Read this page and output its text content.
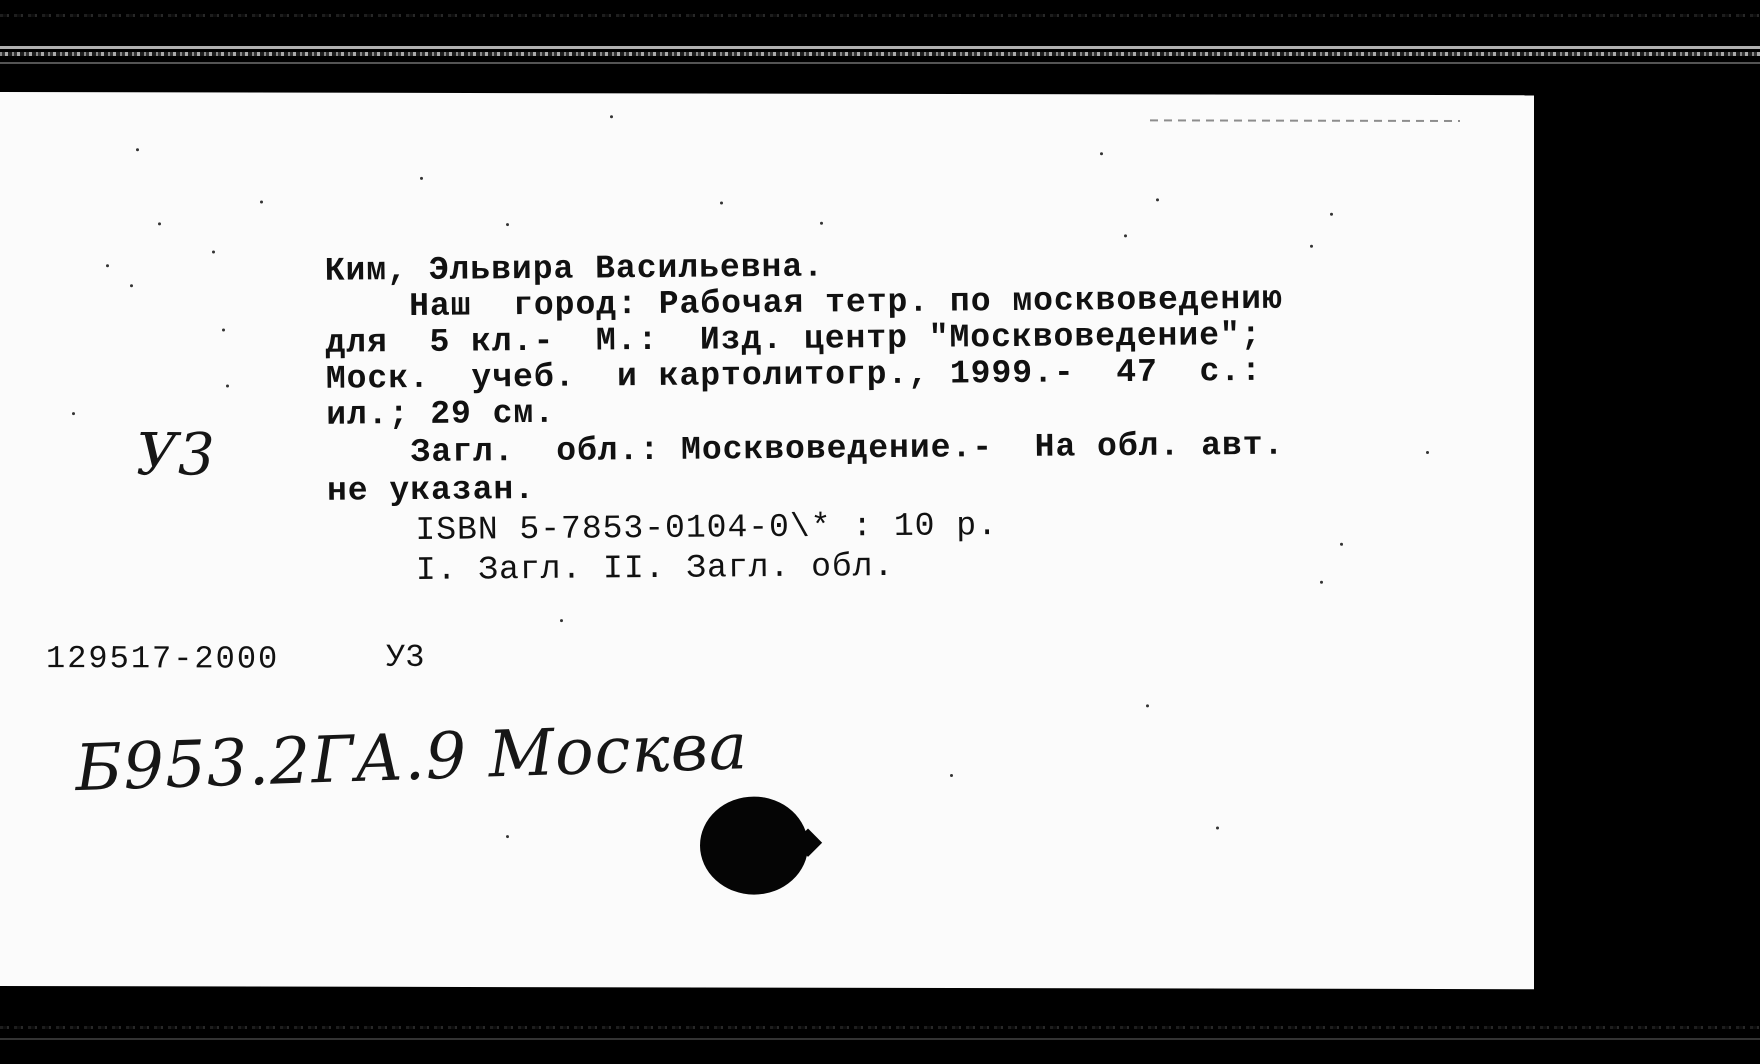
Ким, Эльвира Васильевна.
Наш  город: Рабочая тетр. по москвоведению
для  5 кл.-  М.:  Изд. центр "Москвоведение";
Моск.  учеб.  и картолитогр., 1999.-  47  с.:
ил.; 29 см.
Загл.  обл.: Москвоведение.-  На обл. авт.
не указан.
ISBN 5-7853-0104-0\* : 10 р.
I. Загл. II. Загл. обл.
У3
129517-2000	У3
Б953.2ГА.9 Москва
